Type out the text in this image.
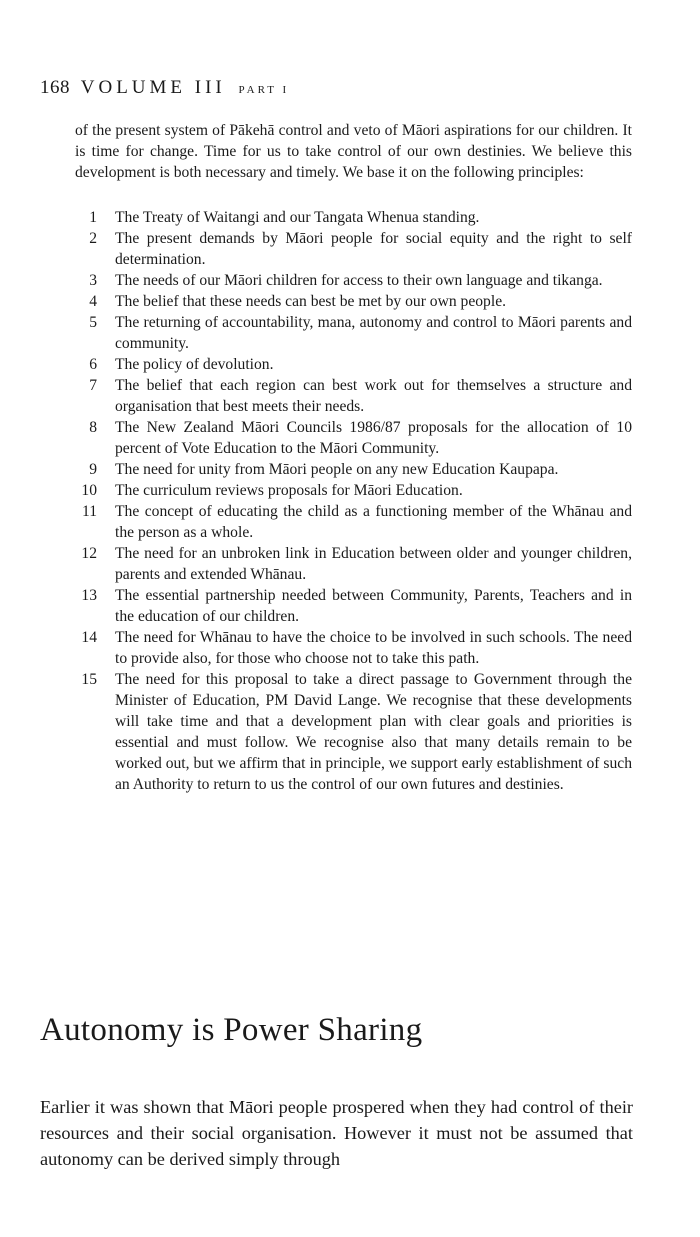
168 VOLUME III PART I

of the present system of Pākehā control and veto of Māori aspirations for our children. It is time for change. Time for us to take control of our own destinies. We believe this development is both necessary and timely. We base it on the following principles:

1 The Treaty of Waitangi and our Tangata Whenua standing.
2 The present demands by Māori people for social equity and the right to self determination.
3 The needs of our Māori children for access to their own language and tikanga.
4 The belief that these needs can best be met by our own people.
5 The returning of accountability, mana, autonomy and control to Māori parents and community.
6 The policy of devolution.
7 The belief that each region can best work out for themselves a structure and organisation that best meets their needs.
8 The New Zealand Māori Councils 1986/87 proposals for the allocation of 10 percent of Vote Education to the Māori Community.
9 The need for unity from Māori people on any new Education Kaupapa.
10 The curriculum reviews proposals for Māori Education.
11 The concept of educating the child as a functioning member of the Whānau and the person as a whole.
12 The need for an unbroken link in Education between older and younger children, parents and extended Whānau.
13 The essential partnership needed between Community, Parents, Teachers and in the education of our children.
14 The need for Whānau to have the choice to be involved in such schools. The need to provide also, for those who choose not to take this path.
15 The need for this proposal to take a direct passage to Government through the Minister of Education, PM David Lange. We recognise that these developments will take time and that a development plan with clear goals and priorities is essential and must follow. We recognise also that many details remain to be worked out, but we affirm that in principle, we support early establishment of such an Authority to return to us the control of our own futures and destinies.
Autonomy is Power Sharing

Earlier it was shown that Māori people prospered when they had control of their resources and their social organisation. However it must not be assumed that autonomy can be derived simply through
